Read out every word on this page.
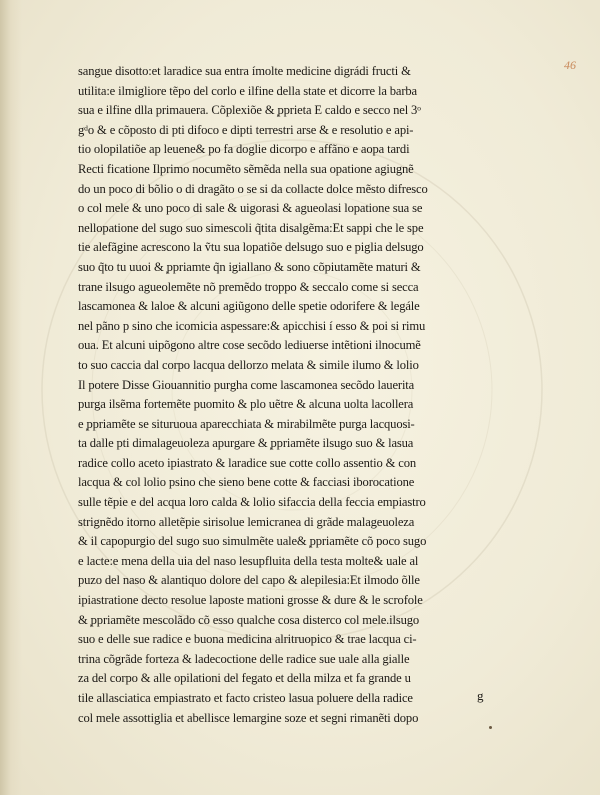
46
sangue disotto:et laradice sua entra ímolte medicine digrádi fructi &
utilita:e ilmigliore tẽpo del corlo e ilfine della state et dicorre la barba
sua e ilfine dlla primauera. Cõplexiõe & ̦pprieta E caldo e secco nel 3ᵒ
gᵈo & e cõposto di pti difoco e dipti terrestri arse & e resolutio e api-
tio olopilatiõe ap leuene& po fa doglie dicorpo e affãno e aopa tardi
Recti ficatione Ilprimo nocumẽto sẽmẽda nella sua opatione agiugnẽ
do un poco di bõlio o di dragãto o se si da collacte dolce mẽsto difresco
o col mele & uno poco di sale & uigorasi & agueolasi lopatione sua se
nellopatione del sugo suo simescoli q̃tita disalgẽma:Et sappi che le spe
tie alefãgine acrescono la ṽtu sua lopatiõe delsugo suo e piglia delsugo
suo q̃to tu uuoi & ̦ppriamte q̃n igiallano & sono cõpiutamẽte maturi &
trane ilsugo agueolemẽte nõ premẽdo troppo & seccalo come si secca
lascamonea & laloe & alcuni agiũgono delle spetie odorifere & legále
nel pãno p sino che icomicia aspessare:& apicchisi í esso & poi si rimu
oua. Et alcuni uipõgono altre cose secõdo lediuerse intẽtioni ilnocumẽ
to suo caccia dal corpo lacqua dellorzo melata & simile ilumo & lolio
Il potere Disse Giouannitio purgha come lascamonea secõdo lauerita
purga ilsẽma fortemẽte puomito & plo uẽtre & alcuna uolta lacollera
e ̦ppriamẽte se situruoua aparecchiata & mirabilmẽte purga lacquosi-
ta dalle pti dimalageuoleza apurgare & ̦ppriamẽte ilsugo suo & lasua
radice collo aceto ipiastrato & laradice sue cotte collo assentio & con
lacqua & col lolio psino che sieno bene cotte & facciasi iborocatione
sulle tẽpie e del acqua loro calda & lolio sifaccia della feccia empiastro
strignẽdo itorno alletẽpie sirisolue lemicranea di grãde malageuoleza
& il capopurgio del sugo suo simulmẽte uale& ̦ppriamẽte cõ poco sugo
e lacte:e mena della uia del naso lesupfluita della testa molte& uale al
puzo del naso & alantiquo dolore del capo & alepilesia:Et ilmodo õlle
ipiastratione decto resolue laposte mationi grosse & dure & le scrofole
& ̦ppriamẽte mescolãdo cõ esso qualche cosa disterco col mele.ilsugo
suo e delle sue radice e buona medicina alritruopico & trae lacqua ci-
trina cõgrãde forteza & ladecoctione delle radice sue uale alla gialle
za del corpo & alle opilationi del fegato et della milza et fa grande u
tile allasciatica empiastrato et facto cristeo lasua poluere della radice
col mele assottiglia et abellisce lemargine soze et segni rimanẽti dopo
g
